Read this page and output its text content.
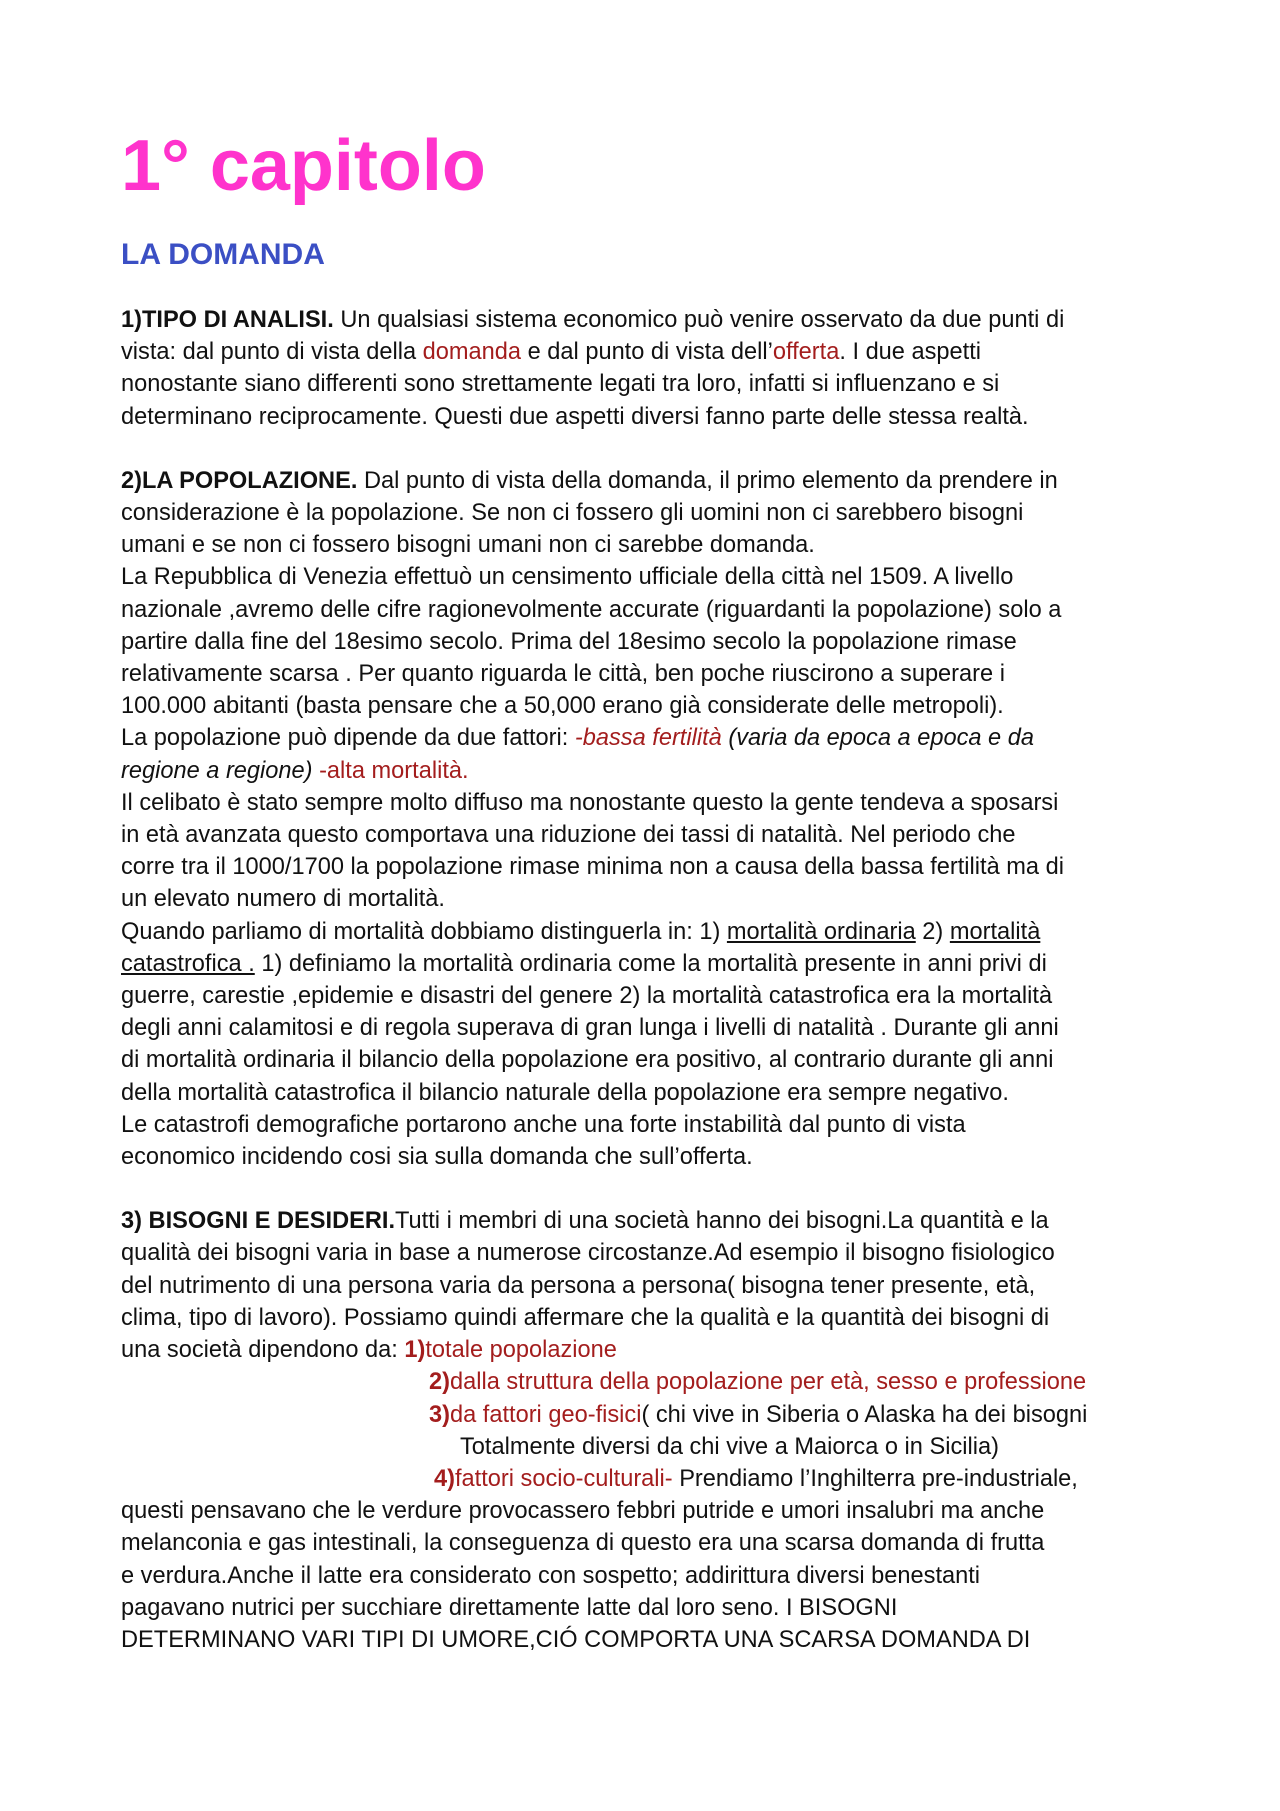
1° capitolo
LA DOMANDA

1)TIPO DI ANALISI. Un qualsiasi sistema economico può venire osservato da due punti di

vista: dal punto di vista della domanda e dal punto di vista dell’offerta. I due aspetti

nonostante siano differenti sono strettamente legati tra loro, infatti si influenzano e si

determinano reciprocamente. Questi due aspetti diversi fanno parte delle stessa realtà.

2)LA POPOLAZIONE. Dal punto di vista della domanda, il primo elemento da prendere in

considerazione è la popolazione. Se non ci fossero gli uomini non ci sarebbero bisogni

umani e se non ci fossero bisogni umani non ci sarebbe domanda.

La Repubblica di Venezia effettuò un censimento ufficiale della città nel 1509. A livello

nazionale ,avremo delle cifre ragionevolmente accurate (riguardanti la popolazione) solo a

partire dalla fine del 18esimo secolo. Prima del 18esimo secolo la popolazione rimase

relativamente scarsa . Per quanto riguarda le città, ben poche riuscirono a superare i

100.000 abitanti (basta pensare che a 50,000 erano già considerate delle metropoli).

La popolazione può dipende da due fattori: -bassa fertilità (varia da epoca a epoca e da

regione a regione) -alta mortalità.

Il celibato è stato sempre molto diffuso ma nonostante questo la gente tendeva a sposarsi

in età avanzata questo comportava una riduzione dei tassi di natalità. Nel periodo che

corre tra il 1000/1700 la popolazione rimase minima non a causa della bassa fertilità ma di

un elevato numero di mortalità.

Quando parliamo di mortalità dobbiamo distinguerla in: 1) mortalità ordinaria 2) mortalità

catastrofica . 1) definiamo la mortalità ordinaria come la mortalità presente in anni privi di

guerre, carestie ,epidemie e disastri del genere 2) la mortalità catastrofica era la mortalità

degli anni calamitosi e di regola superava di gran lunga i livelli di natalità . Durante gli anni

di mortalità ordinaria il bilancio della popolazione era positivo, al contrario durante gli anni

della mortalità catastrofica il bilancio naturale della popolazione era sempre negativo.

Le catastrofi demografiche portarono anche una forte instabilità dal punto di vista

economico incidendo cosi sia sulla domanda che sull’offerta.

3) BISOGNI E DESIDERI.Tutti i membri di una società hanno dei bisogni.La quantità e la

qualità dei bisogni varia in base a numerose circostanze.Ad esempio il bisogno fisiologico

del nutrimento di una persona varia da persona a persona( bisogna tener presente, età,

clima, tipo di lavoro). Possiamo quindi affermare che la qualità e la quantità dei bisogni di

una società dipendono da: 1)totale popolazione

2)dalla struttura della popolazione per età, sesso e professione

3)da fattori geo-fisici( chi vive in Siberia o Alaska ha dei bisogni

Totalmente diversi da chi vive a Maiorca o in Sicilia)

4)fattori socio-culturali- Prendiamo l’Inghilterra pre-industriale,

questi pensavano che le verdure provocassero febbri putride e umori insalubri ma anche

melanconia e gas intestinali, la conseguenza di questo era una scarsa domanda di frutta

e verdura.Anche il latte era considerato con sospetto; addirittura diversi benestanti

pagavano nutrici per succhiare direttamente latte dal loro seno. I BISOGNI

DETERMINANO VARI TIPI DI UMORE,CIÓ COMPORTA UNA SCARSA DOMANDA DI
